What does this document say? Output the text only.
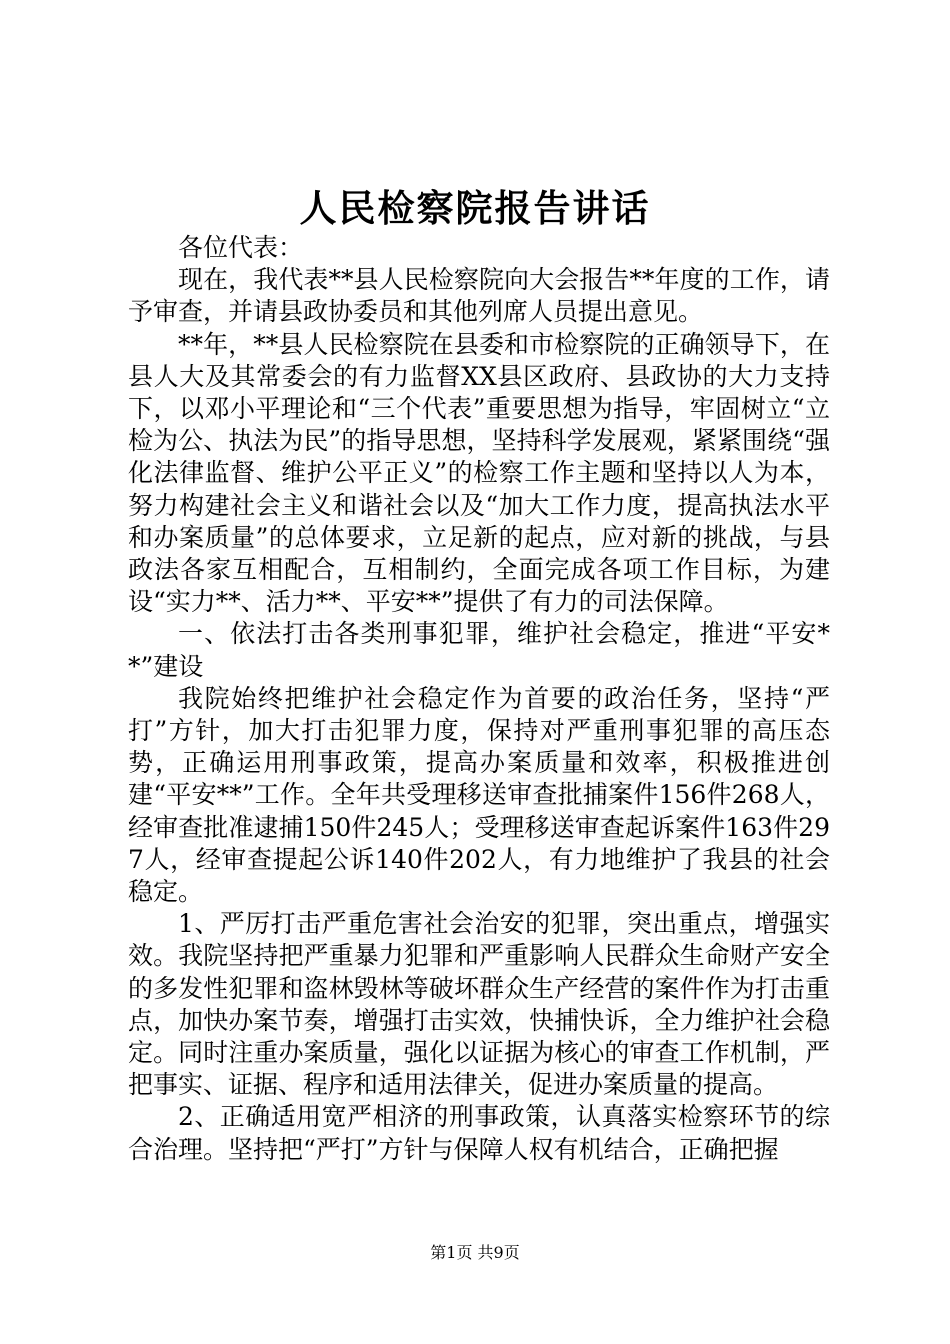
人民检察院报告讲话

各位代表：

现在，我代表**县人民检察院向大会报告**年度的工作，请予审查，并请县政协委员和其他列席人员提出意见。

**年，**县人民检察院在县委和市检察院的正确领导下，在县人大及其常委会的有力监督XX县区政府、县政协的大力支持下，以邓小平理论和“三个代表”重要思想为指导，牢固树立“立检为公、执法为民”的指导思想，坚持科学发展观，紧紧围绕“强化法律监督、维护公平正义”的检察工作主题和坚持以人为本，努力构建社会主义和谐社会以及“加大工作力度，提高执法水平和办案质量”的总体要求，立足新的起点，应对新的挑战，与县政法各家互相配合，互相制约，全面完成各项工作目标，为建设“实力**、活力**、平安**”提供了有力的司法保障。

一、依法打击各类刑事犯罪，维护社会稳定，推进“平安**”建设

我院始终把维护社会稳定作为首要的政治任务，坚持“严打”方针，加大打击犯罪力度，保持对严重刑事犯罪的高压态势，正确运用刑事政策，提高办案质量和效率，积极推进创建“平安**”工作。全年共受理移送审查批捕案件156件268人，经审查批准逮捕150件245人；受理移送审查起诉案件163件297人，经审查提起公诉140件202人，有力地维护了我县的社会稳定。

1、严厉打击严重危害社会治安的犯罪，突出重点，增强实效。我院坚持把严重暴力犯罪和严重影响人民群众生命财产安全的多发性犯罪和盗林毁林等破坏群众生产经营的案件作为打击重点，加快办案节奏，增强打击实效，快捕快诉，全力维护社会稳定。同时注重办案质量，强化以证据为核心的审查工作机制，严把事实、证据、程序和适用法律关，促进办案质量的提高。

2、正确适用宽严相济的刑事政策，认真落实检察环节的综合治理。坚持把“严打”方针与保障人权有机结合，正确把握

第1页 共9页
